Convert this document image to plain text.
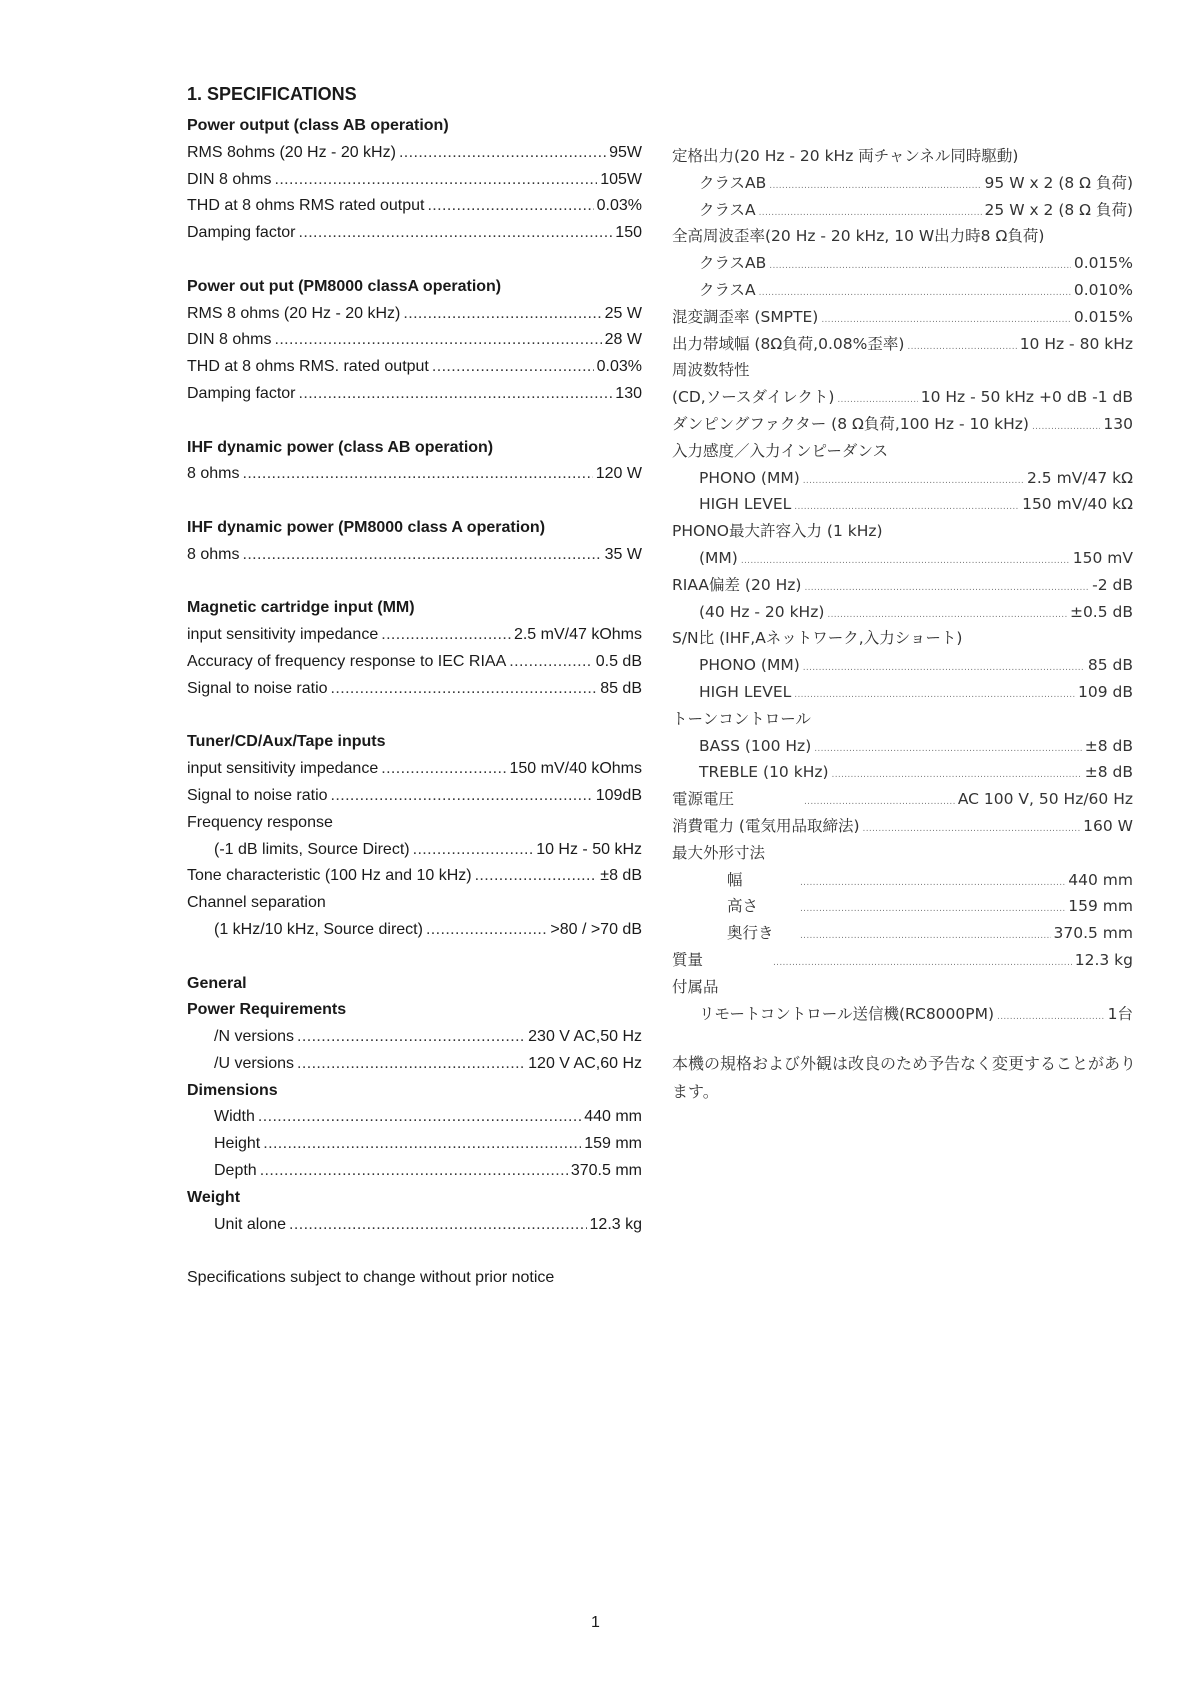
1. SPECIFICATIONS
Power output (class AB operation)
RMS 8ohms (20 Hz - 20 kHz) .....	95W
DIN 8 ohms .....	105W
THD at 8 ohms RMS rated output .....	0.03%
Damping factor .....	150
Power out put (PM8000 classA operation)
RMS 8 ohms (20 Hz - 20 kHz) .....	25 W
DIN 8 ohms .....	28 W
THD at 8 ohms RMS. rated output .....	0.03%
Damping factor .....	130
IHF dynamic power (class AB operation)
8 ohms .....	120 W
IHF dynamic power (PM8000 class A operation)
8 ohms .....	35 W
Magnetic cartridge input (MM)
input sensitivity impedance .....	2.5 mV/47 kOhms
Accuracy of frequency response to IEC RIAA .....	0.5 dB
Signal to noise ratio .....	85 dB
Tuner/CD/Aux/Tape inputs
input sensitivity impedance .....	150 mV/40 kOhms
Signal to noise ratio .....	109dB
Frequency response
(-1 dB limits, Source Direct) .....	10 Hz - 50 kHz
Tone characteristic (100 Hz and 10 kHz) .....	±8 dB
Channel separation
(1 kHz/10 kHz, Source direct) .....	>80 / >70 dB
General
Power Requirements
/N versions .....	230 V AC,50 Hz
/U versions .....	120 V AC,60 Hz
Dimensions
Width .....	440 mm
Height .....	159 mm
Depth .....	370.5 mm
Weight
Unit alone .....	12.3 kg
Specifications subject to change without prior notice
定格出力(20 Hz - 20 kHz 両チャンネル同時駆動)
クラスAB .....	95 W x 2 (8 Ω 負荷)
クラスA .....	25 W x 2 (8 Ω 負荷)
全高周波歪率(20 Hz - 20 kHz, 10 W出力時8 Ω負荷)
クラスAB .....	0.015%
クラスA .....	0.010%
混変調歪率 (SMPTE) .....	0.015%
出力帯域幅 (8Ω負荷,0.08%歪率) .....	10 Hz - 80 kHz
周波数特性
(CD,ソースダイレクト) .....	10 Hz - 50 kHz +0 dB -1 dB
ダンピングファクター (8 Ω負荷,100 Hz - 10 kHz) .....	130
入力感度／入力インピーダンス
PHONO (MM) .....	2.5 mV/47 kΩ
HIGH LEVEL .....	150 mV/40 kΩ
PHONO最大許容入力 (1 kHz)
(MM) .....	150 mV
RIAA偏差 (20 Hz) .....	-2 dB
(40 Hz - 20 kHz) .....	±0.5 dB
S/N比 (IHF,Aネットワーク,入力ショート)
PHONO (MM) .....	85 dB
HIGH LEVEL .....	109 dB
トーンコントロール
BASS (100 Hz) .....	±8 dB
TREBLE (10 kHz) .....	±8 dB
電源電圧 .....	AC 100 V, 50 Hz/60 Hz
消費電力 (電気用品取締法) .....	160 W
最大外形寸法
幅 .....	440 mm
高さ .....	159 mm
奥行き .....	370.5 mm
質量 .....	12.3 kg
付属品
リモートコントロール送信機(RC8000PM) .....	1台

本機の規格および外観は改良のため予告なく変更することがあります。

1
